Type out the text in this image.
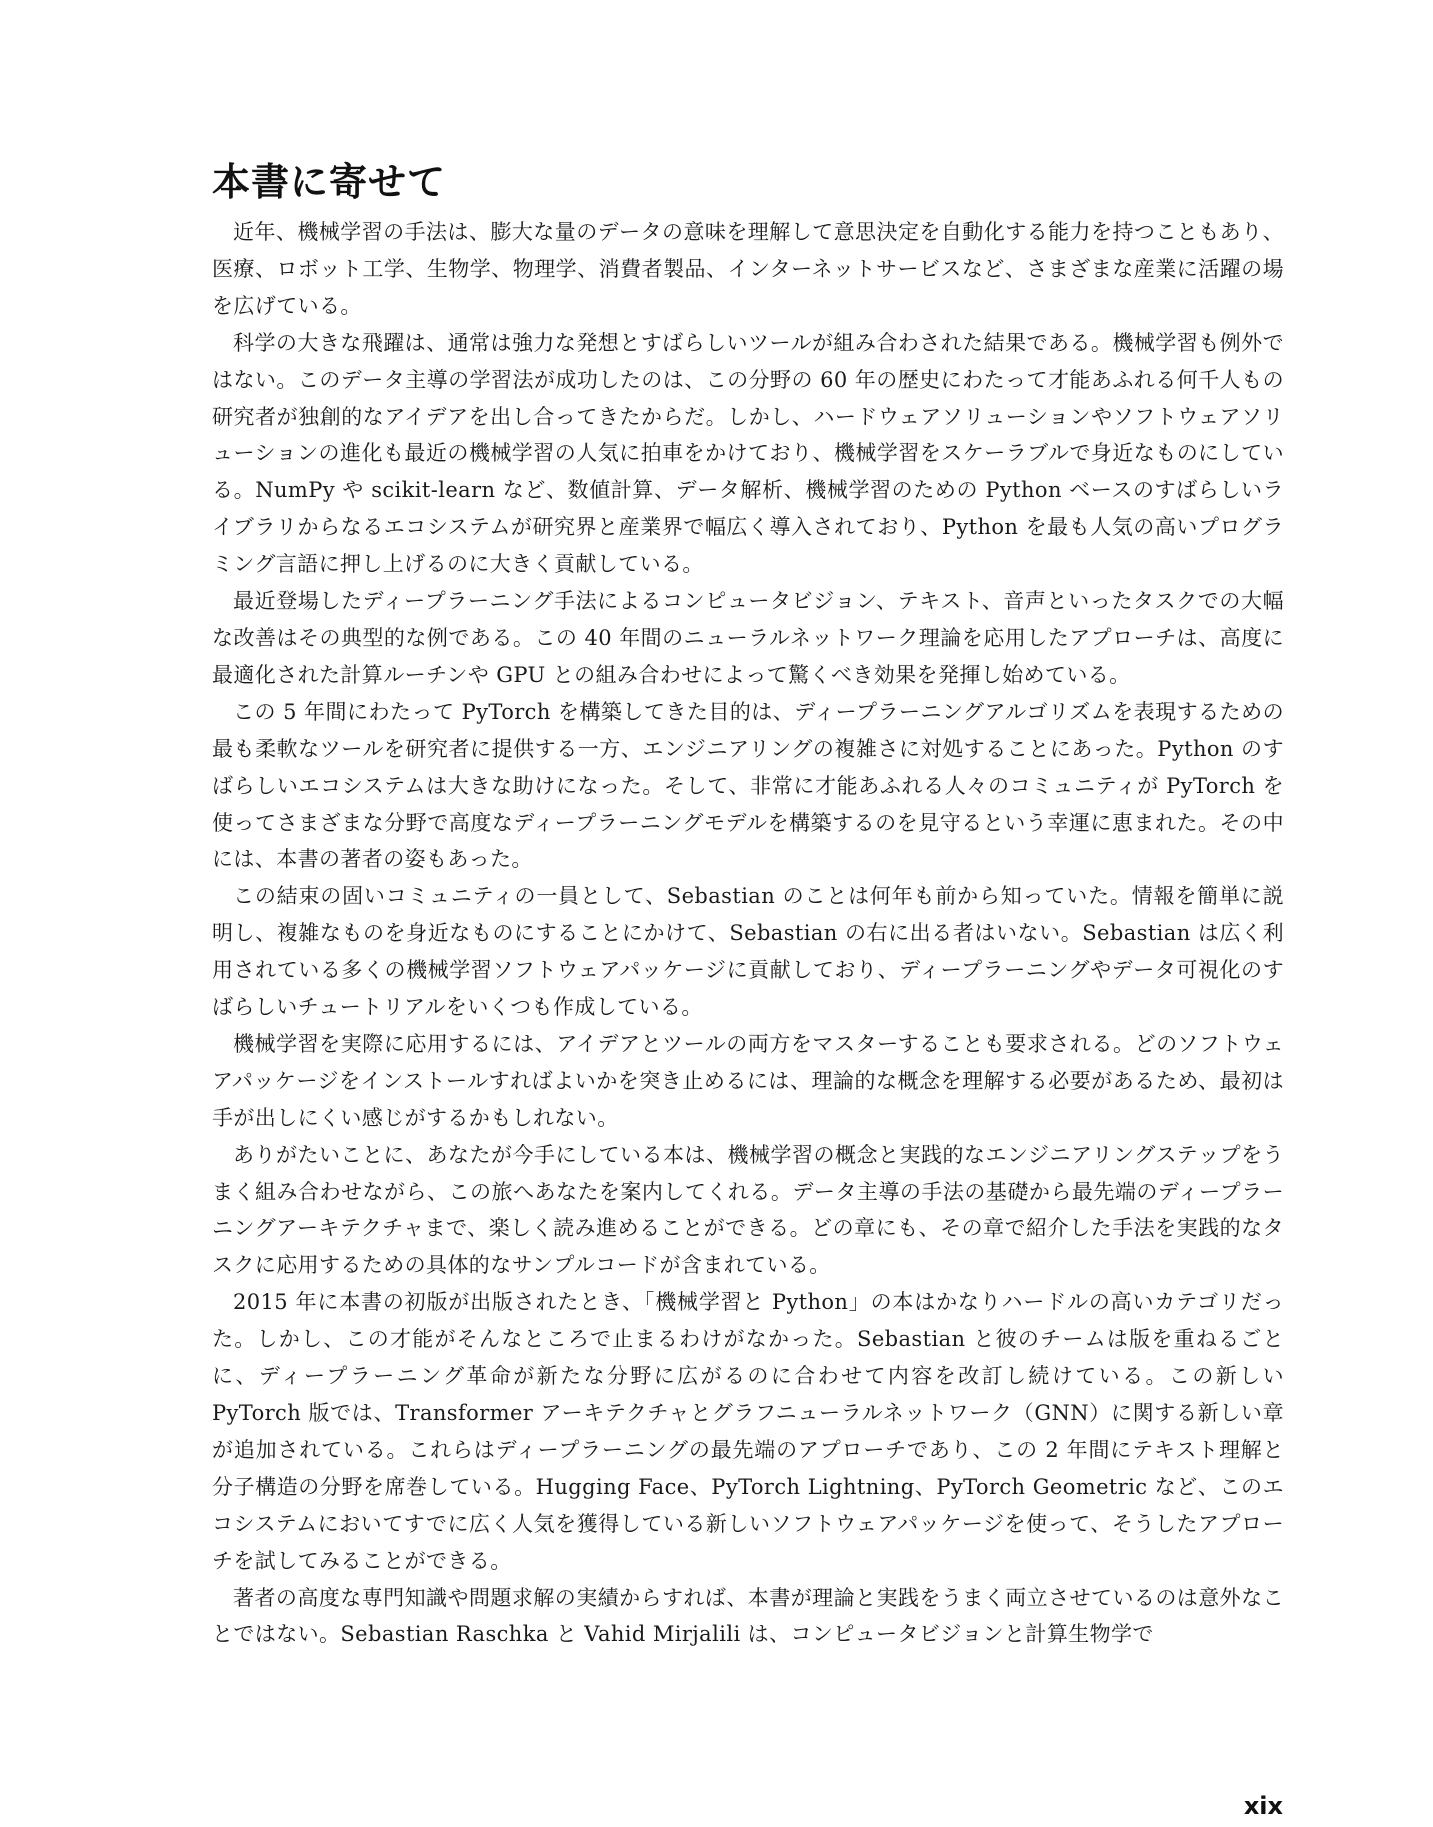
本書に寄せて

近年、機械学習の手法は、膨大な量のデータの意味を理解して意思決定を自動化する能力を持つこともあり、医療、ロボット工学、生物学、物理学、消費者製品、インターネットサービスなど、さまざまな産業に活躍の場を広げている。

科学の大きな飛躍は、通常は強力な発想とすばらしいツールが組み合わされた結果である。機械学習も例外ではない。このデータ主導の学習法が成功したのは、この分野の 60 年の歴史にわたって才能あふれる何千人もの研究者が独創的なアイデアを出し合ってきたからだ。しかし、ハードウェアソリューションやソフトウェアソリューションの進化も最近の機械学習の人気に拍車をかけており、機械学習をスケーラブルで身近なものにしている。NumPy や scikit-learn など、数値計算、データ解析、機械学習のための Python ベースのすばらしいライブラリからなるエコシステムが研究界と産業界で幅広く導入されており、Python を最も人気の高いプログラミング言語に押し上げるのに大きく貢献している。

最近登場したディープラーニング手法によるコンピュータビジョン、テキスト、音声といったタスクでの大幅な改善はその典型的な例である。この 40 年間のニューラルネットワーク理論を応用したアプローチは、高度に最適化された計算ルーチンや GPU との組み合わせによって驚くべき効果を発揮し始めている。

この 5 年間にわたって PyTorch を構築してきた目的は、ディープラーニングアルゴリズムを表現するための最も柔軟なツールを研究者に提供する一方、エンジニアリングの複雑さに対処することにあった。Python のすばらしいエコシステムは大きな助けになった。そして、非常に才能あふれる人々のコミュニティが PyTorch を使ってさまざまな分野で高度なディープラーニングモデルを構築するのを見守るという幸運に恵まれた。その中には、本書の著者の姿もあった。

この結束の固いコミュニティの一員として、Sebastian のことは何年も前から知っていた。情報を簡単に説明し、複雑なものを身近なものにすることにかけて、Sebastian の右に出る者はいない。Sebastian は広く利用されている多くの機械学習ソフトウェアパッケージに貢献しており、ディープラーニングやデータ可視化のすばらしいチュートリアルをいくつも作成している。

機械学習を実際に応用するには、アイデアとツールの両方をマスターすることも要求される。どのソフトウェアパッケージをインストールすればよいかを突き止めるには、理論的な概念を理解する必要があるため、最初は手が出しにくい感じがするかもしれない。

ありがたいことに、あなたが今手にしている本は、機械学習の概念と実践的なエンジニアリングステップをうまく組み合わせながら、この旅へあなたを案内してくれる。データ主導の手法の基礎から最先端のディープラーニングアーキテクチャまで、楽しく読み進めることができる。どの章にも、その章で紹介した手法を実践的なタスクに応用するための具体的なサンプルコードが含まれている。

2015 年に本書の初版が出版されたとき、「機械学習と Python」の本はかなりハードルの高いカテゴリだった。しかし、この才能がそんなところで止まるわけがなかった。Sebastian と彼のチームは版を重ねるごとに、ディープラーニング革命が新たな分野に広がるのに合わせて内容を改訂し続けている。この新しい PyTorch 版では、Transformer アーキテクチャとグラフニューラルネットワーク（GNN）に関する新しい章が追加されている。これらはディープラーニングの最先端のアプローチであり、この 2 年間にテキスト理解と分子構造の分野を席巻している。Hugging Face、PyTorch Lightning、PyTorch Geometric など、このエコシステムにおいてすでに広く人気を獲得している新しいソフトウェアパッケージを使って、そうしたアプローチを試してみることができる。

著者の高度な専門知識や問題求解の実績からすれば、本書が理論と実践をうまく両立させているのは意外なことではない。Sebastian Raschka と Vahid Mirjalili は、コンピュータビジョンと計算生物学で

xix
